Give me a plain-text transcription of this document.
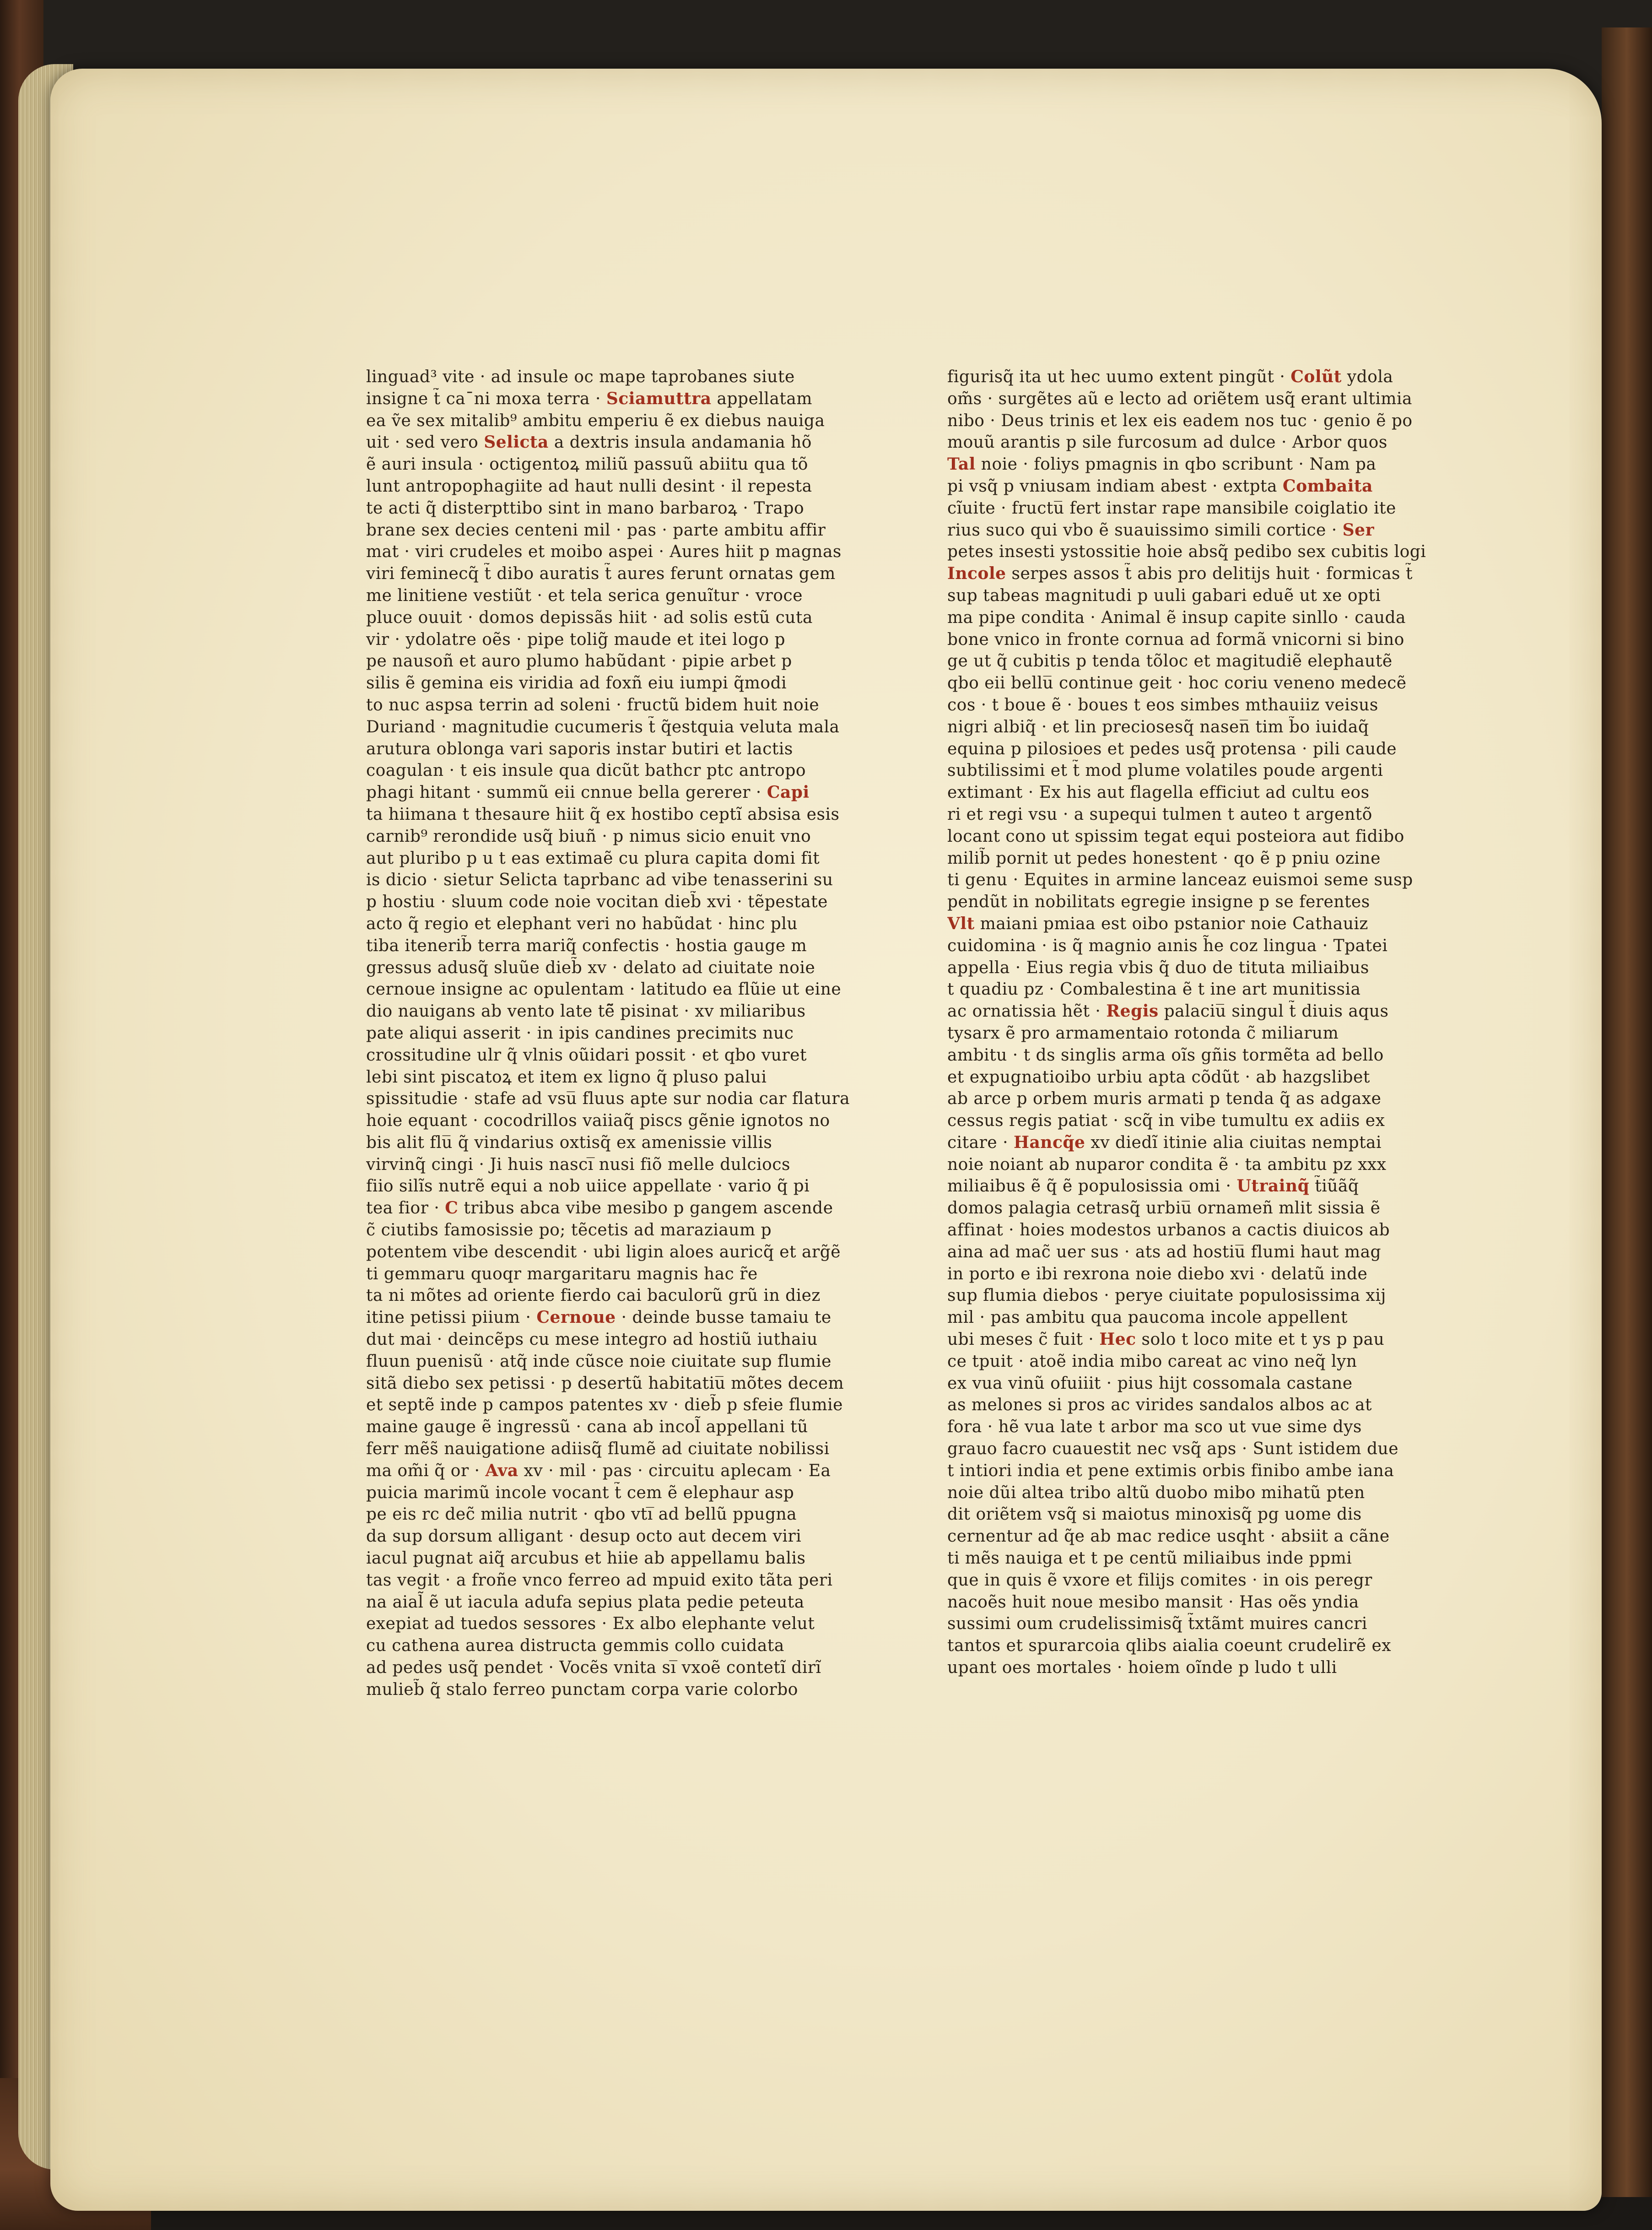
linguad³ vite · ad insule oc mape taprobanes siute
insigne t̃ ca¯ni moxa terra · Sciamuttra appellatam
ea ṽe sex mitalib⁹ ambitu emperiu ẽ ex diebus nauiga
uit · sed vero Selicta a dextris insula andamania hõ
ẽ auri insula · octigentoꝝ miliũ passuũ abiitu qua tõ
lunt antropophagiite ad haut nulli desint · il repesta
te acti q̃ disterpttibo sint in mano barbaroꝝ · Trapo
brane sex decies centeni mil · pas · parte ambitu affir
mat · viri crudeles et moibo aspei · Aures hiit p magnas
viri feminecq̃ t̃ dibo auratis t̃ aures ferunt ornatas gem
me linitiene vestiũt · et tela serica genuĩtur · vroce
pluce ouuit · domos depissãs hiit · ad solis estũ cuta
vir · ydolatre oẽs · pipe tolig̃ maude et itei logo p
pe nausoñ et auro plumo habũdant · pipie arbet p
silis ẽ gemina eis viridia ad foxñ eiu iumpi q̃modi
to nuc aspsa terrin ad soleni · fructũ bidem huit noie
Duriand · magnitudie cucumeris t̃ q̃estquia veluta mala
arutura oblonga vari saporis instar butiri et lactis
coagulan · t eis insule qua dicũt bathcr ptc antropo
phagi hitant · summũ eii cnnue bella gererer · Capi
ta hiimana t thesaure hiit q̃ ex hostibo ceptĩ absisa esis
carnib⁹ rerondide usq̃ biuñ · p nimus sicio enuit vno
aut pluribo p u t eas extimaẽ cu plura capita domi fit
is dicio · sietur Selicta taprbanc ad vibe tenasserini su
p hostiu · sluum code noie vocitan dieb̃ xvi · tẽpestate
acto q̃ regio et elephant veri no habũdat · hinc plu
tiba itenerib̃ terra mariq̃ confectis · hostia gauge m
gressus adusq̃ sluũe dieb̃ xv · delato ad ciuitate noie
cernoue insigne ac opulentam · latitudo ea flũie ut eine
dio nauigans ab vento late tẽ̃ pisinat · xv miliaribus
pate aliqui asserit · in ipis candines precimits nuc
crossitudine ulr q̃ vlnis oũidari possit · et qbo vuret
lebi sint piscatoꝝ et item ex ligno q̃ pluso palui
spissitudie · stafe ad vsu̅ fluus apte sur nodia car flatura
hoie equant · cocodrillos vaiiaq̃ piscs gẽnie ignotos no
bis alit flu̅ q̃ vindarius oxtisq̃ ex amenissie villis
virvinq̃ cingi · Ji huis nasci̅ nusi fiõ melle dulciocs
fiio silĩs nutrẽ equi a nob uiice appellate · vario q̃ pi
tea fior · C tribus abca vibe mesibo p gangem ascende
c̃ ciutibs famosissie po; tẽcetis ad maraziaum p
potentem vibe descendit · ubi ligin aloes auricq̃ et arg̃ẽ
ti gemmaru quoqr margaritaru magnis hac r̃e
ta ni mõtes ad oriente fierdo cai baculorũ grũ in diez
itine petissi piium · Cernoue · deinde busse tamaiu te
dut mai · deincẽps cu mese integro ad hostiũ iuthaiu
fluun puenisũ · atq̃ inde cũsce noie ciuitate sup flumie
sitã diebo sex petissi · p desertũ habitatiu̅ mõtes decem
et septẽ inde p campos patentes xv · dieb̃ p sfeie flumie
maine gauge ẽ ingressũ · cana ab incol̃ appellani tũ
ferr mẽs̃ nauigatione adiisq̃ flumẽ ad ciuitate nobilissi
ma om̃i q̃ or · Ava xv · mil · pas · circuitu aplecam · Ea
puicia marimũ incole vocant t̃ cem ẽ elephaur asp
pe eis rc dec̃ milia nutrit · qbo vti̅ ad bellũ ppugna
da sup dorsum alligant · desup octo aut decem viri
iacul pugnat aiq̃ arcubus et hiie ab appellamu balis
tas vegit · a froñe vnco ferreo ad mpuid exito tãta peri
na aial̃ ẽ ut iacula adufa sepius plata pedie peteuta
exepiat ad tuedos sessores · Ex albo elephante velut
cu cathena aurea distructa gemmis collo cuidata
ad pedes usq̃ pendet · Vocẽs vnita si̅ vxoẽ contetĩ dirĩ
mulieb̃ q̃ stalo ferreo punctam corpa varie colorbo
figurisq̃ ita ut hec uumo extent pingũt · Colũt ydola
om̃s · surgẽtes aũ e lecto ad oriẽtem usq̃ erant ultimia
nibo · Deus trinis et lex eis eadem nos tuc · genio ẽ po
mouũ arantis p sile furcosum ad dulce · Arbor quos
Tal noie · foliys pmagnis in qbo scribunt · Nam pa
pi vsq̃ p vniusam indiam abest · extpta Combaita
cĩuite · fructu̅ fert instar rape mansibile coiglatio ite
rius suco qui vbo ẽ suauissimo simili cortice · Ser
petes insesti ystossitie hoie absq̃ pedibo sex cubitis logi
Incole serpes assos t̃ abis pro delitijs huit · formicas t̃
sup tabeas magnitudi p uuli gabari eduẽ ut xe opti
ma pipe condita · Animal ẽ insup capite sinllo · cauda
bone vnico in fronte cornua ad formã vnicorni si bino
ge ut q̃ cubitis p tenda tõloc et magitudiẽ elephautẽ
qbo eii bellu̅ continue geit · hoc coriu veneno medecẽ
cos · t boue ẽ · boues t eos simbes mthauiiz veisus
nigri albiq̃ · et lin preciosesq̃ nasen̅ tim b̃o iuidaq̃
equina p pilosioes et pedes usq̃ protensa · pili caude
subtilissimi et t̃ mod plume volatiles poude argenti
extimant · Ex his aut flagella efficiut ad cultu eos
ri et regi vsu · a supequi tulmen t auteo t argentõ
locant cono ut spissim tegat equi posteiora aut fidibo
milib̃ pornit ut pedes honestent · qo ẽ p pniu ozine
ti genu · Equites in armine lanceaz euismoi seme susp
pendũt in nobilitats egregie insigne p se ferentes
Vlt maiani pmiaa est oibo pstanior noie Cathauiz
cuidomina · is q̃ magnio aınis h̃e coz lingua · Tpatei
appella · Eius regia vbis q̃ duo de tituta miliaibus
t quadiu pz · Combalestina ẽ t ine art munitissia
ac ornatissia hẽt · Regis palaciu̅ singul t̃ diuis aqus
tysarx ẽ pro armamentaio rotonda c̃ miliarum
ambitu · t ds singlis arma oĩs gñis tormẽta ad bello
et expugnatioibo urbiu apta cõdũt · ab hazgslibet
ab arce p orbem muris armati p tenda q̃ as adgaxe
cessus regis patiat · scq̃ in vibe tumultu ex adiis ex
citare · Hancq̃e xv diedĩ itinie alia ciuitas nemptai
noie noiant ab nuparor condita ẽ · ta ambitu pz xxx
miliaibus ẽ q̃ ẽ populosissia omi · Utrainq̃ t̃iũãq̃
domos palagia cetrasq̃ urbiu̅ ornameñ mlit sissia ẽ
affinat · hoies modestos urbanos a cactis diuicos ab
aina ad mac̃ uer sus · ats ad hostiu̅ flumi haut mag
in porto e ibi rexrona noie diebo xvi · delatũ inde
sup flumia diebos · perye ciuitate populosissima xij
mil · pas ambitu qua paucoma incole appellent
ubi meses c̃ fuit · Hec solo t loco mite et t ys p pau
ce tpuit · atoẽ india mibo careat ac vino neq̃ lyn
ex vua vinũ ofuiiit · pius hijt cossomala castane
as melones si pros ac virides sandalos albos ac at
fora · hẽ vua late t arbor ma sco ut vue sime dys
grauo facro cuauestit nec vsq̃ aps · Sunt istidem due
t intiori india et pene extimis orbis finibo ambe iana
noie dũi altea tribo altũ duobo mibo mihatũ pten
dit oriẽtem vsq̃ si maiotus minoxisq̃ pg uome dis
cernentur ad q̃e ab mac redice usqht · absiit a cãne
ti mẽs nauiga et t pe centũ miliaibus inde ppmi
que in quis ẽ vxore et filijs comites · in ois peregr
nacoẽs huit noue mesibo mansit · Has oẽs yndia
sussimi oum crudelissimisq̃ t̃xtãmt muires cancri
tantos et spurarcoia qlibs aialia coeunt crudelirẽ ex
upant oes mortales · hoiem oĩnde p ludo t ulli
